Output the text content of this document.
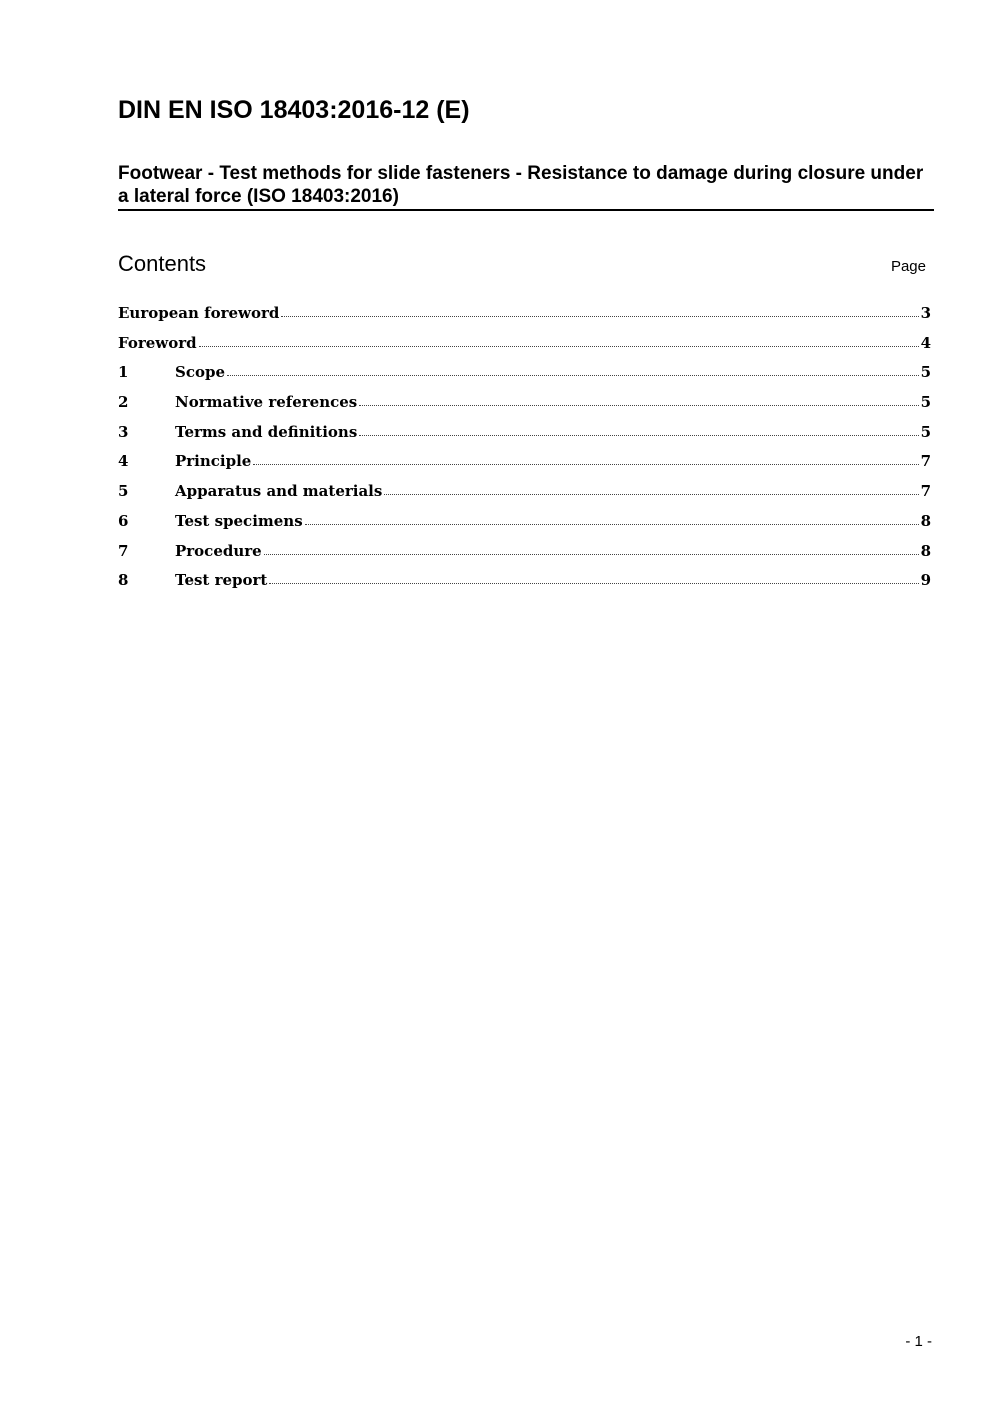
DIN EN ISO 18403:2016-12 (E)
Footwear - Test methods for slide fasteners - Resistance to damage during closure under a lateral force (ISO 18403:2016)
Contents	Page
European foreword	3
Foreword	4
1	Scope	5
2	Normative references	5
3	Terms and definitions	5
4	Principle	7
5	Apparatus and materials	7
6	Test specimens	8
7	Procedure	8
8	Test report	9
- 1 -
